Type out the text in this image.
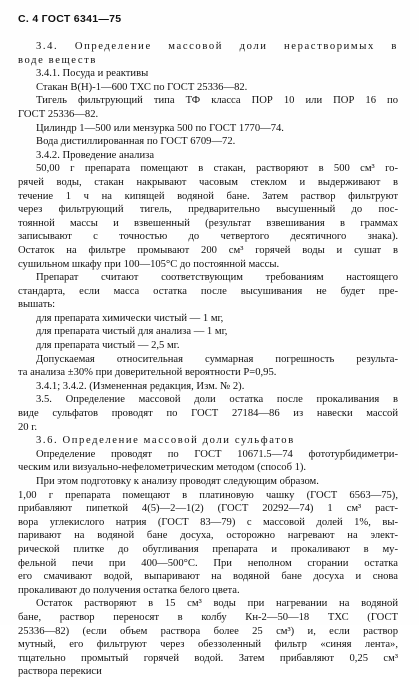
С. 4 ГОСТ 6341—75
3.4. Определение массовой доли нерастворимых в
воде веществ
3.4.1. Посуда и реактивы
Стакан В(Н)-1—600 ТХС по ГОСТ 25336—82.
Тигель фильтрующий типа ТФ класса ПОР 10 или ПОР 16 по
ГОСТ 25336—82.
Цилиндр 1—500 или мензурка 500 по ГОСТ 1770—74.
Вода дистиллированная по ГОСТ 6709—72.
3.4.2. Проведение анализа
50,00 г препарата помещают в стакан, растворяют в 500 см³ го-
рячей воды, стакан накрывают часовым стеклом и выдерживают в
течение 1 ч на кипящей водяной бане. Затем раствор фильтруют
через фильтрующий тигель, предварительно высушенный до пос-
тоянной массы и взвешенный (результат взвешивания в граммах
записывают с точностью до четвертого десятичного знака).
Остаток на фильтре промывают 200 см³ горячей воды и сушат в
сушильном шкафу при 100—105°С до постоянной массы.
Препарат считают соответствующим требованиям настоящего
стандарта, если масса остатка после высушивания не будет пре-
вышать:
для препарата химически чистый — 1 мг,
для препарата чистый для анализа — 1 мг,
для препарата чистый — 2,5 мг.
Допускаемая относительная суммарная погрешность результа-
та анализа ±30% при доверительной вероятности P=0,95.
3.4.1; 3.4.2. (Измененная редакция, Изм. № 2).
3.5. Определение массовой доли остатка после прокаливания в
виде сульфатов проводят по ГОСТ 27184—86 из навески массой
20 г.
3.6. Определение массовой доли сульфатов
Определение проводят по ГОСТ 10671.5—74 фототурбидиметри-
ческим или визуально-нефелометрическим методом (способ 1).
При этом подготовку к анализу проводят следующим образом.
1,00 г препарата помещают в платиновую чашку (ГОСТ 6563—75),
прибавляют пипеткой 4(5)—2—1(2) (ГОСТ 20292—74) 1 см³ раст-
вора углекислого натрия (ГОСТ 83—79) с массовой долей 1%, вы-
паривают на водяной бане досуха, осторожно нагревают на элект-
рической плитке до обугливания препарата и прокаливают в му-
фельной печи при 400—500°С. При неполном сгорании остатка
его смачивают водой, выпаривают на водяной бане досуха и снова
прокаливают до получения остатка белого цвета.
Остаток растворяют в 15 см³ воды при нагревании на водяной
бане, раствор переносят в колбу Кн-2—50—18 ТХС (ГОСТ
25336—82) (если объем раствора более 25 см³) и, если раствор
мутный, его фильтруют через обеззоленный фильтр «синяя лента»,
тщательно промытый горячей водой. Затем прибавляют 0,25 см³
раствора перекиси
